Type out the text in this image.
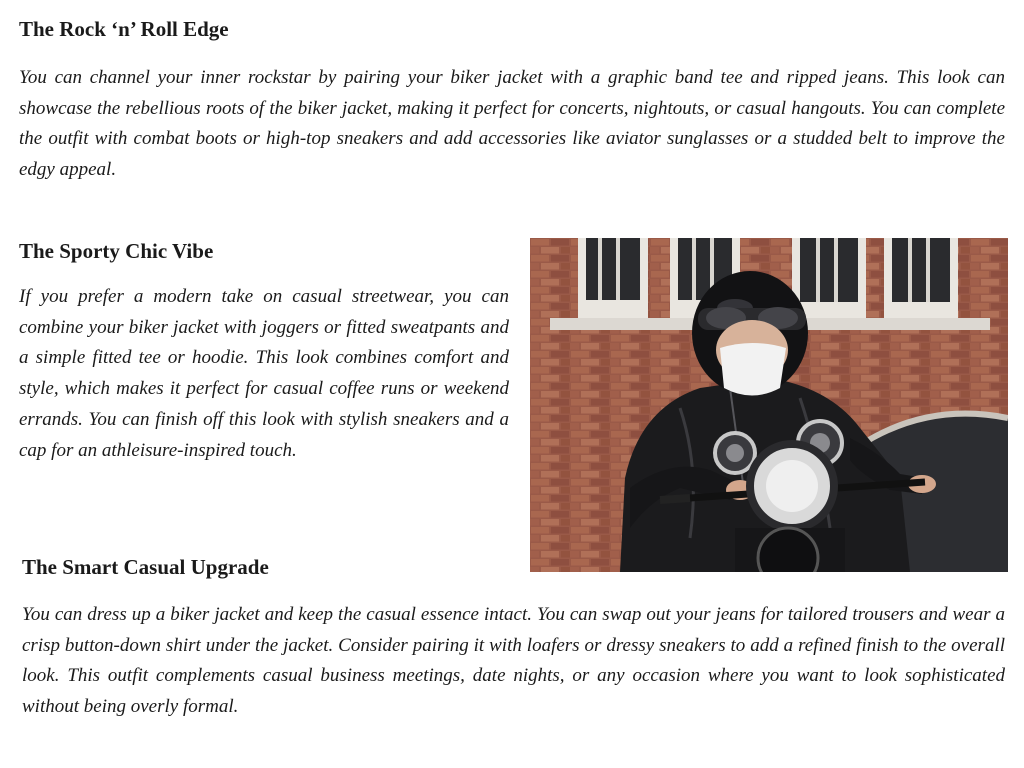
The Rock ‘n’ Roll Edge

You can channel your inner rockstar by pairing your biker jacket with a graphic band tee and ripped jeans. This look can showcase the rebellious roots of the biker jacket, making it perfect for concerts, nightouts, or casual hangouts. You can complete the outfit with combat boots or high-top sneakers and add accessories like aviator sunglasses or a studded belt to improve the edgy appeal.

The Sporty Chic Vibe

If you prefer a modern take on casual streetwear, you can combine your biker jacket with joggers or fitted sweatpants and a simple fitted tee or hoodie. This look combines comfort and style, which makes it perfect for casual coffee runs or weekend errands. You can finish off this look with stylish sneakers and a cap for an athleisure-inspired touch.

The Smart Casual Upgrade

You can dress up a biker jacket and keep the casual essence intact. You can swap out your jeans for tailored trousers and wear a crisp button-down shirt under the jacket. Consider pairing it with loafers or dressy sneakers to add a refined finish to the overall look. This outfit complements casual business meetings, date nights, or any occasion where you want to look sophisticated without being overly formal.
